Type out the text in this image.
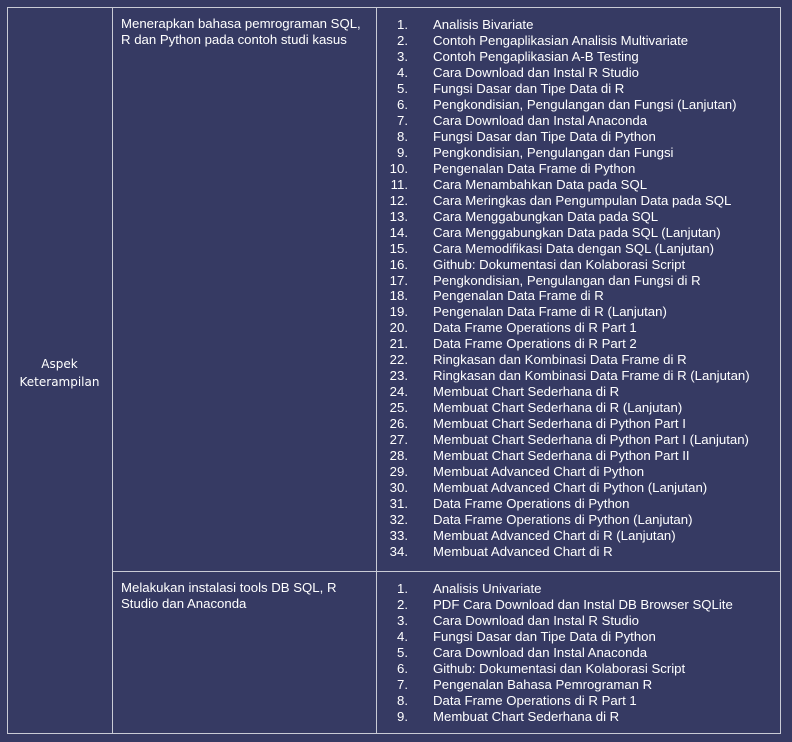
Aspek
Keterampilan
Menerapkan bahasa pemrograman SQL,
R dan Python pada contoh studi kasus
1. Analisis Bivariate
2. Contoh Pengaplikasian Analisis Multivariate
3. Contoh Pengaplikasian A-B Testing
4. Cara Download dan Instal R Studio
5. Fungsi Dasar dan Tipe Data di R
6. Pengkondisian, Pengulangan dan Fungsi (Lanjutan)
7. Cara Download dan Instal Anaconda
8. Fungsi Dasar dan Tipe Data di Python
9. Pengkondisian, Pengulangan dan Fungsi
10. Pengenalan Data Frame di Python
11. Cara Menambahkan Data pada SQL
12. Cara Meringkas dan Pengumpulan Data pada SQL
13. Cara Menggabungkan Data pada SQL
14. Cara Menggabungkan Data pada SQL (Lanjutan)
15. Cara Memodifikasi Data dengan SQL (Lanjutan)
16. Github: Dokumentasi dan Kolaborasi Script
17. Pengkondisian, Pengulangan dan Fungsi di R
18. Pengenalan Data Frame di R
19. Pengenalan Data Frame di R (Lanjutan)
20. Data Frame Operations di R Part 1
21. Data Frame Operations di R Part 2
22. Ringkasan dan Kombinasi Data Frame di R
23. Ringkasan dan Kombinasi Data Frame di R (Lanjutan)
24. Membuat Chart Sederhana di R
25. Membuat Chart Sederhana di R (Lanjutan)
26. Membuat Chart Sederhana di Python Part I
27. Membuat Chart Sederhana di Python Part I (Lanjutan)
28. Membuat Chart Sederhana di Python Part II
29. Membuat Advanced Chart di Python
30. Membuat Advanced Chart di Python (Lanjutan)
31. Data Frame Operations di Python
32. Data Frame Operations di Python (Lanjutan)
33. Membuat Advanced Chart di R (Lanjutan)
34. Membuat Advanced Chart di R
Melakukan instalasi tools DB SQL, R
Studio dan Anaconda
1. Analisis Univariate
2. PDF Cara Download dan Instal DB Browser SQLite
3. Cara Download dan Instal R Studio
4. Fungsi Dasar dan Tipe Data di Python
5. Cara Download dan Instal Anaconda
6. Github: Dokumentasi dan Kolaborasi Script
7. Pengenalan Bahasa Pemrograman R
8. Data Frame Operations di R Part 1
9. Membuat Chart Sederhana di R
